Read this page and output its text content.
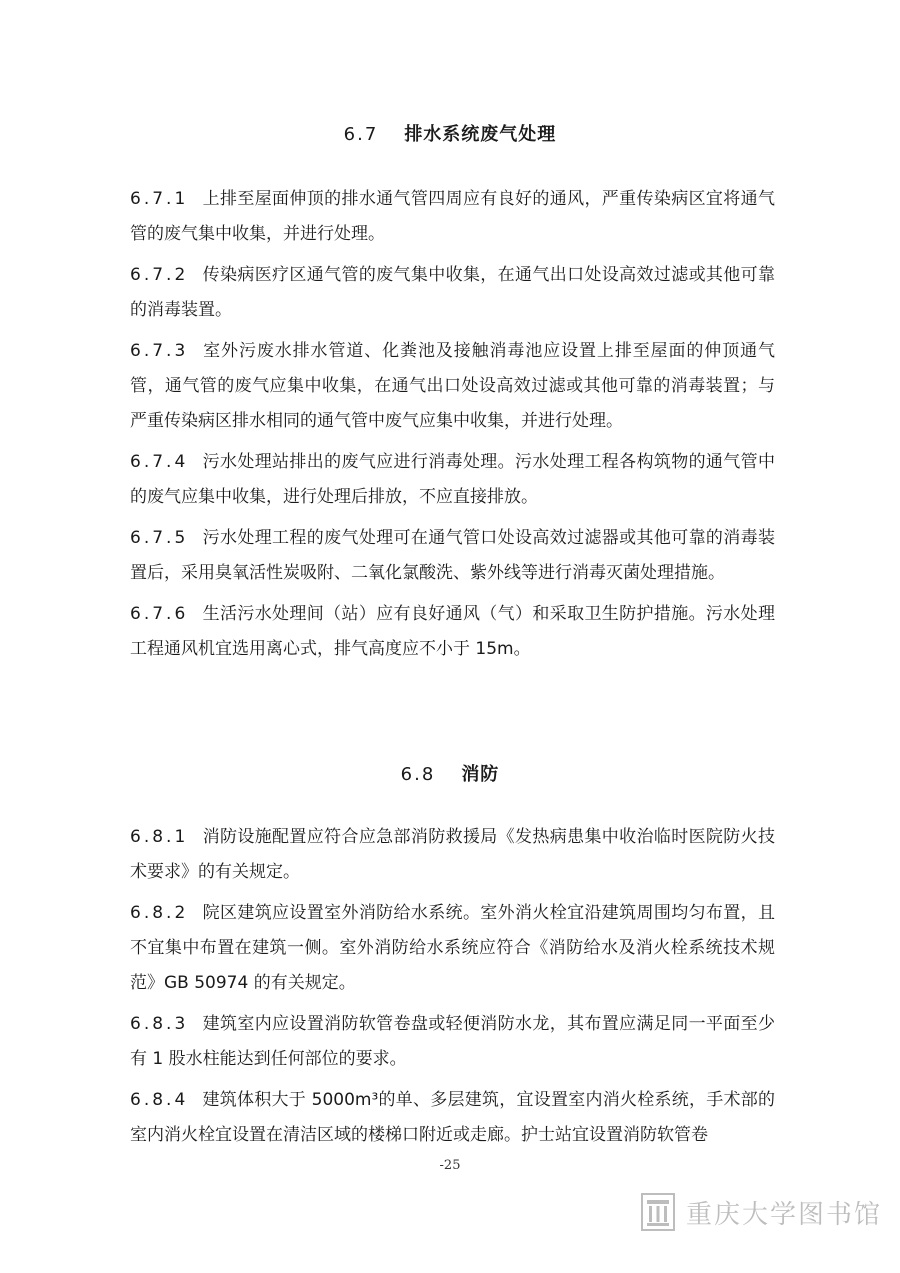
6.7 排水系统废气处理

6.7.1 上排至屋面伸顶的排水通气管四周应有良好的通风，严重传染病区宜将通气管的废气集中收集，并进行处理。

6.7.2 传染病医疗区通气管的废气集中收集，在通气出口处设高效过滤或其他可靠的消毒装置。

6.7.3 室外污废水排水管道、化粪池及接触消毒池应设置上排至屋面的伸顶通气管，通气管的废气应集中收集，在通气出口处设高效过滤或其他可靠的消毒装置；与严重传染病区排水相同的通气管中废气应集中收集，并进行处理。

6.7.4 污水处理站排出的废气应进行消毒处理。污水处理工程各构筑物的通气管中的废气应集中收集，进行处理后排放，不应直接排放。

6.7.5 污水处理工程的废气处理可在通气管口处设高效过滤器或其他可靠的消毒装置后，采用臭氧活性炭吸附、二氧化氯酸洗、紫外线等进行消毒灭菌处理措施。

6.7.6 生活污水处理间（站）应有良好通风（气）和采取卫生防护措施。污水处理工程通风机宜选用离心式，排气高度应不小于 15m。

6.8 消防

6.8.1 消防设施配置应符合应急部消防救援局《发热病患集中收治临时医院防火技术要求》的有关规定。

6.8.2 院区建筑应设置室外消防给水系统。室外消火栓宜沿建筑周围均匀布置，且不宜集中布置在建筑一侧。室外消防给水系统应符合《消防给水及消火栓系统技术规范》GB 50974 的有关规定。

6.8.3 建筑室内应设置消防软管卷盘或轻便消防水龙，其布置应满足同一平面至少有 1 股水柱能达到任何部位的要求。

6.8.4 建筑体积大于 5000m³的单、多层建筑，宜设置室内消火栓系统，手术部的室内消火栓宜设置在清洁区域的楼梯口附近或走廊。护士站宜设置消防软管卷

-25
重庆大学图书馆
